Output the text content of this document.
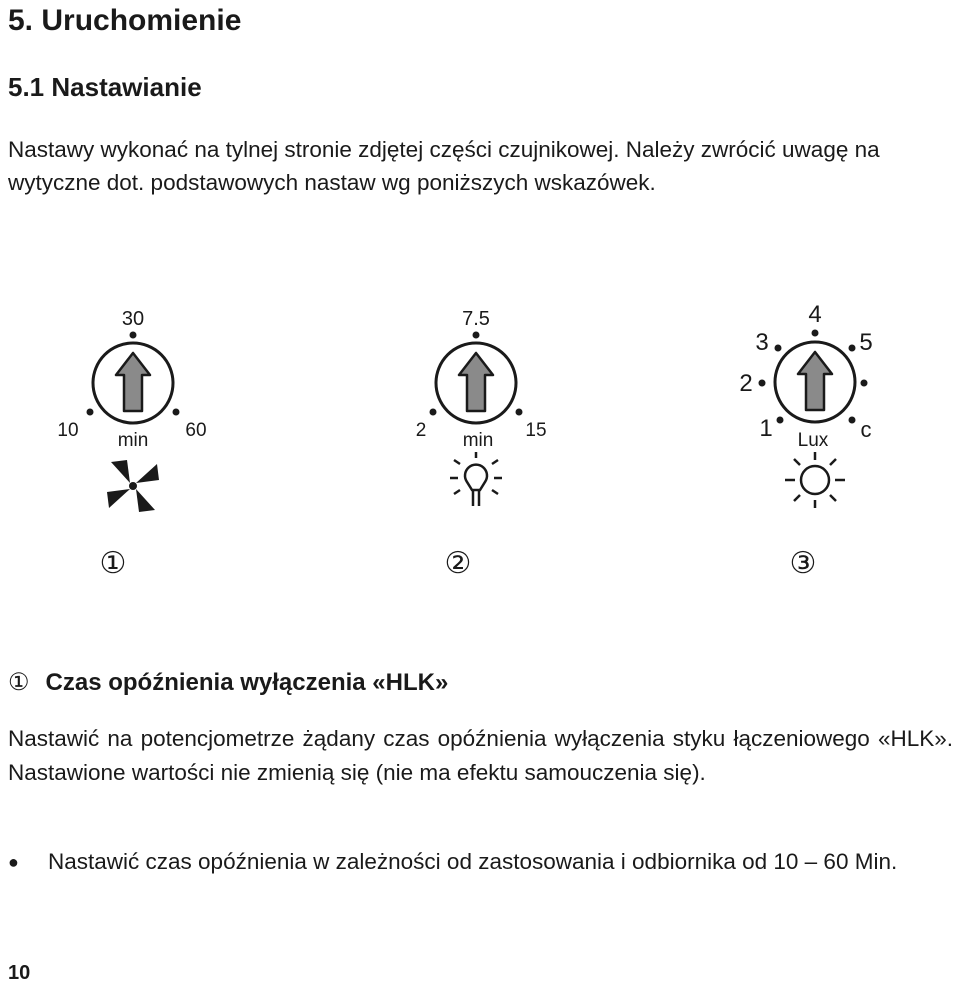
5. Uruchomienie
5.1 Nastawianie

Nastawy wykonać na tylnej stronie zdjętej części czujnikowej. Należy zwrócić uwagę na wytyczne dot. podstawowych nastaw wg poniższych wskazówek.

30
10 min 60
①
7.5
2 min 15
②
4
3
2
1
5
c
Lux
③

① Czas opóźnienia wyłączenia «HLK»

Nastawić na potencjometrze żądany czas opóźnienia wyłączenia styku łączeniowego «HLK». Nastawione wartości nie zmienią się (nie ma efektu samouczenia się).

● Nastawić czas opóźnienia w zależności od zastosowania i odbiornika od 10 – 60 Min.

10
